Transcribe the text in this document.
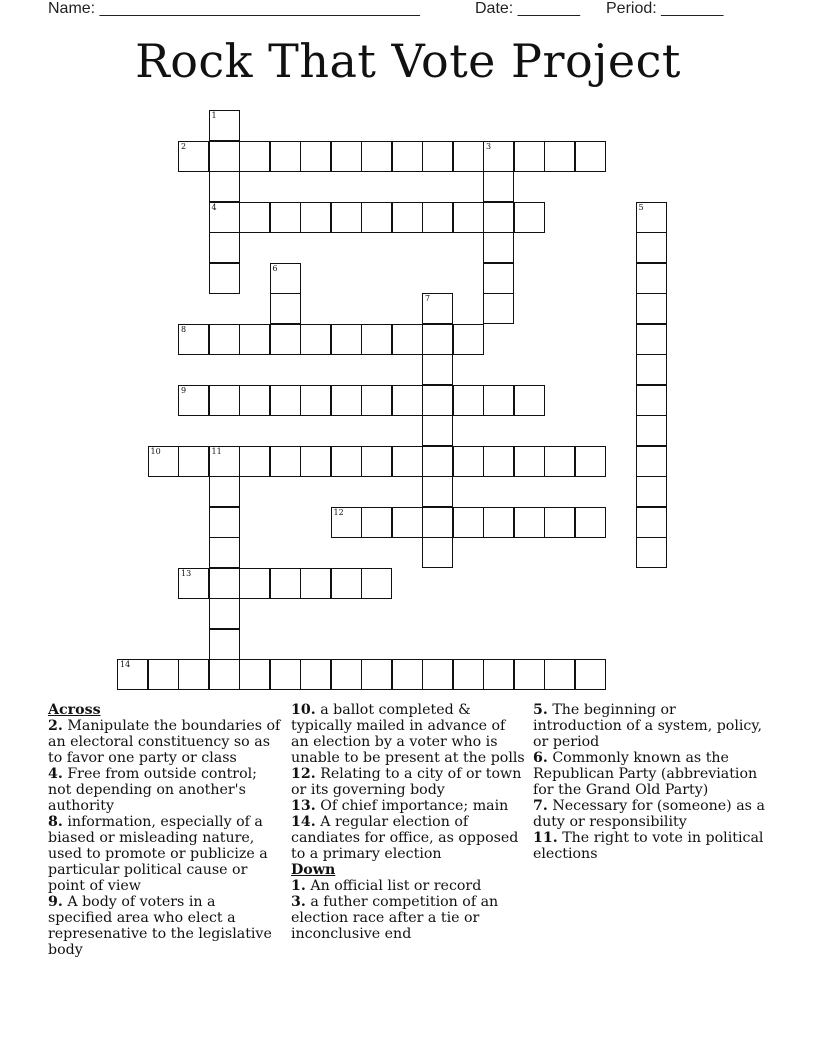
Name: ____________________________________	Date: _______ Period: _______
Rock That Vote Project
1
4
2	3
5
6
7
8
9
10	11
12
13
14
Across

2. Manipulate the boundaries of an electoral constituency so as to favor one party or class

4. Free from outside control; not depending on another's authority

8. information, especially of a biased or misleading nature, used to promote or publicize a particular political cause or point of view

9. A body of voters in a specified area who elect a represenative to the legislative body

10. a ballot completed & typically mailed in advance of an election by a voter who is unable to be present at the polls

12. Relating to a city of or town or its governing body

13. Of chief importance; main

14. A regular election of candiates for office, as opposed to a primary election

Down

1. An official list or record

3. a futher competition of an election race after a tie or inconclusive end

5. The beginning or introduction of a system, policy, or period

6. Commonly known as the Republican Party (abbreviation for the Grand Old Party)

7. Necessary for (someone) as a duty or responsibility

11. The right to vote in political elections
